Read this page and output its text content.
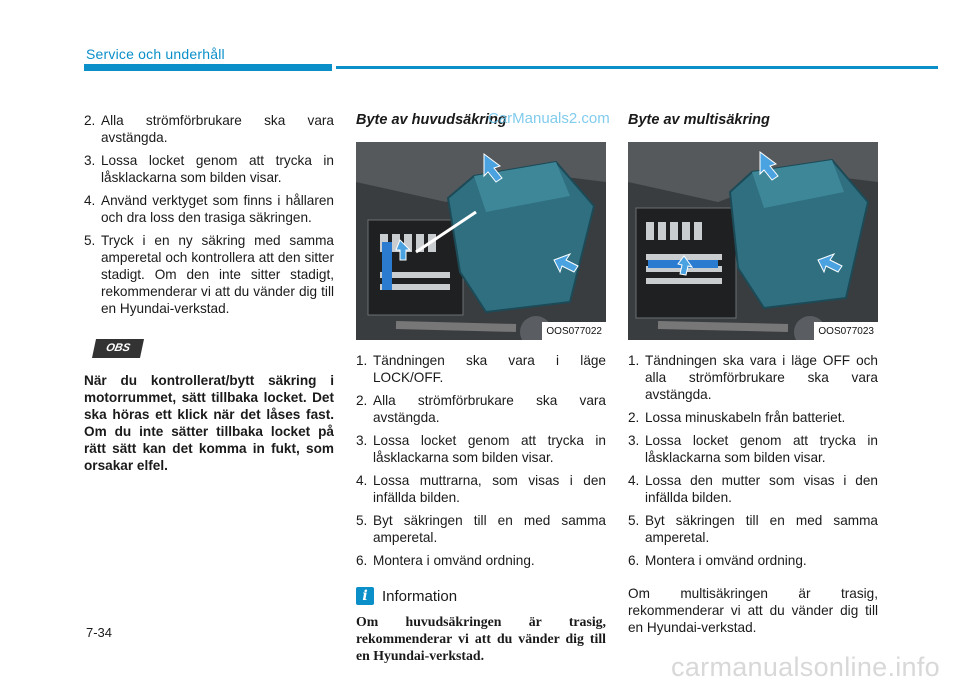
Service och underhåll
2. Alla strömförbrukare ska vara avstängda.
3. Lossa locket genom att trycka in låsklackarna som bilden visar.
4. Använd verktyget som finns i hållaren och dra loss den trasiga säkringen.
5. Tryck i en ny säkring med samma amperetal och kontrollera att den sitter stadigt. Om den inte sitter stadigt, rekommenderar vi att du vänder dig till en Hyundai-verkstad.
OBS
När du kontrollerat/bytt säkring i motorrummet, sätt tillbaka locket. Det ska höras ett klick när det låses fast. Om du inte sätter tillbaka locket på rätt sätt kan det komma in fukt, som orsakar elfel.
Byte av huvudsäkring
OOS077022
1. Tändningen ska vara i läge LOCK/OFF.
2. Alla strömförbrukare ska vara avstängda.
3. Lossa locket genom att trycka in låsklackarna som bilden visar.
4. Lossa muttrarna, som visas i den infällda bilden.
5. Byt säkringen till en med samma amperetal.
6. Montera i omvänd ordning.
i Information
Om huvudsäkringen är trasig, rekommenderar vi att du vänder dig till en Hyundai-verkstad.
Byte av multisäkring
OOS077023
1. Tändningen ska vara i läge OFF och alla strömförbrukare ska vara avstängda.
2. Lossa minuskabeln från batteriet.
3. Lossa locket genom att trycka in låsklackarna som bilden visar.
4. Lossa den mutter som visas i den infällda bilden.
5. Byt säkringen till en med samma amperetal.
6. Montera i omvänd ordning.
Om multisäkringen är trasig, rekommenderar vi att du vänder dig till en Hyundai-verkstad.
7-34
CarManuals2.com
carmanualsonline.info
